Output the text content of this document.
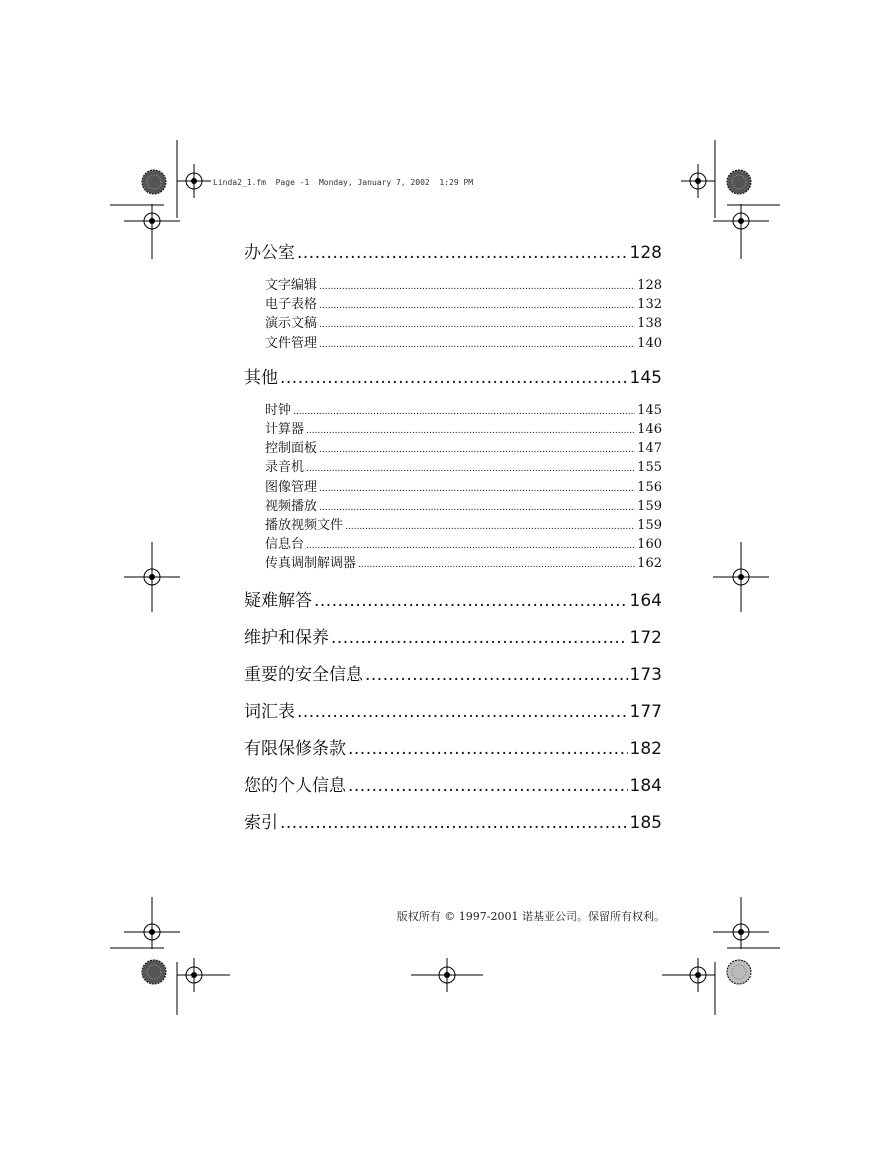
Linda2_1.fm  Page -1  Monday, January 7, 2002  1:29 PM
办公室 .....	128
文字编辑 .....	128
电子表格 .....	132
演示文稿 .....	138
文件管理 .....	140
其他 .....	145
时钟 .....	145
计算器 .....	146
控制面板 .....	147
录音机 .....	155
图像管理 .....	156
视频播放 .....	159
播放视频文件 .....	159
信息台 .....	160
传真调制解调器 .....	162
疑难解答 .....	164
维护和保养 .....	172
重要的安全信息 .....	173
词汇表 .....	177
有限保修条款 .....	182
您的个人信息 .....	184
索引 .....	185
版权所有 © 1997-2001 诺基亚公司。保留所有权利。
